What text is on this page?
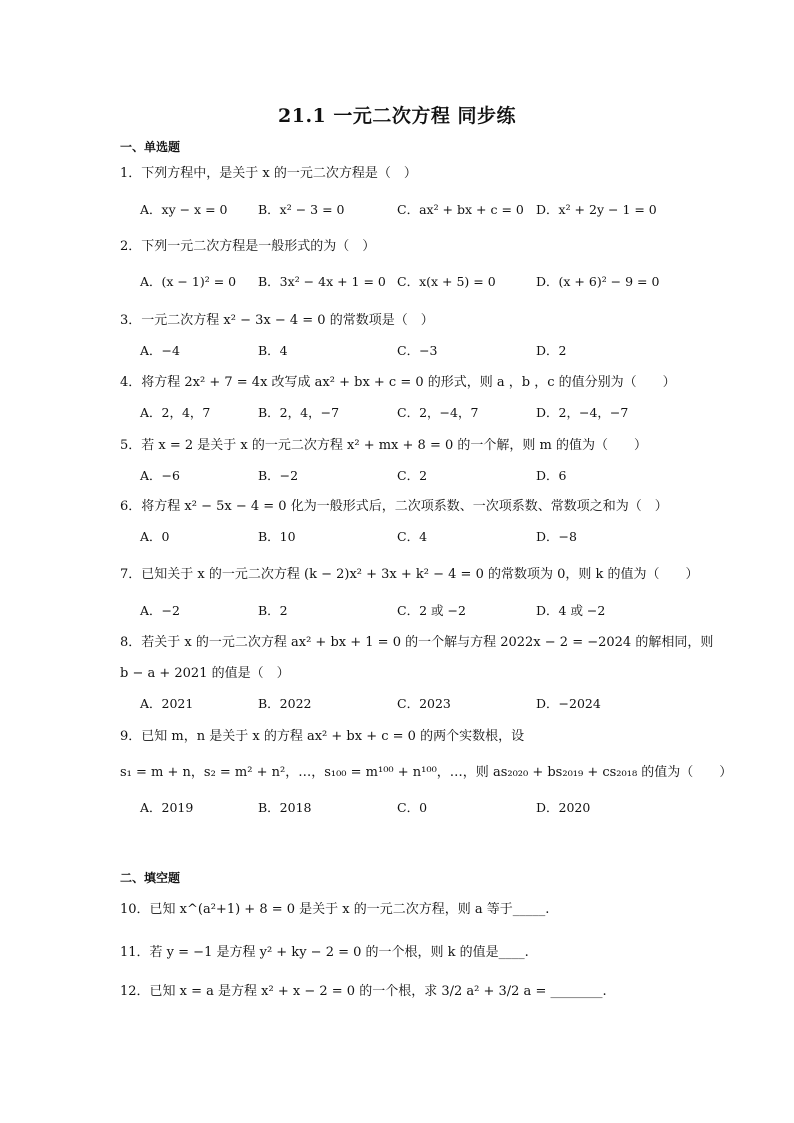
21.1 一元二次方程 同步练
一、单选题
1．下列方程中，是关于 x 的一元二次方程是（　）
A．xy − x = 0 B．x² − 3 = 0	C．ax² + bx + c = 0 D．x² + 2y − 1 = 0
2．下列一元二次方程是一般形式的为（　）
A．(x − 1)² = 0 B．3x² − 4x + 1 = 0 C．x(x + 5) = 0	D．(x + 6)² − 9 = 0
3．一元二次方程 x² − 3x − 4 = 0 的常数项是（　）
A．−4	B．4	C．−3	D．2
4．将方程 2x² + 7 = 4x 改写成 ax² + bx + c = 0 的形式，则 a ，b ，c 的值分别为（　　）
A．2，4，7	B．2，4，−7	C．2，−4，7	D．2，−4，−7
5．若 x = 2 是关于 x 的一元二次方程 x² + mx + 8 = 0 的一个解，则 m 的值为（　　）
A．−6	B．−2	C．2	D．6
6．将方程 x² − 5x − 4 = 0 化为一般形式后，二次项系数、一次项系数、常数项之和为（　）
A．0	B．10	C．4	D．−8
7．已知关于 x 的一元二次方程 (k − 2)x² + 3x + k² − 4 = 0 的常数项为 0，则 k 的值为（　　）
A．−2	B．2	C．2 或 −2	D．4 或 −2
8．若关于 x 的一元二次方程 ax² + bx + 1 = 0 的一个解与方程 2022x − 2 = −2024 的解相同，则
b − a + 2021 的值是（　）
A．2021	B．2022	C．2023	D．−2024
9．已知 m，n 是关于 x 的方程 ax² + bx + c = 0 的两个实数根，设
s₁ = m + n，s₂ = m² + n²，…，s₁₀₀ = m¹⁰⁰ + n¹⁰⁰，…，则 as₂₀₂₀ + bs₂₀₁₉ + cs₂₀₁₈ 的值为（　　）
A．2019	B．2018	C．0	D．2020
二、填空题
10．已知 x^(a²+1) + 8 = 0 是关于 x 的一元二次方程，则 a 等于_____.
11．若 y = −1 是方程 y² + ky − 2 = 0 的一个根，则 k 的值是____.
12．已知 x = a 是方程 x² + x − 2 = 0 的一个根，求 3/2 a² + 3/2 a = ________.
